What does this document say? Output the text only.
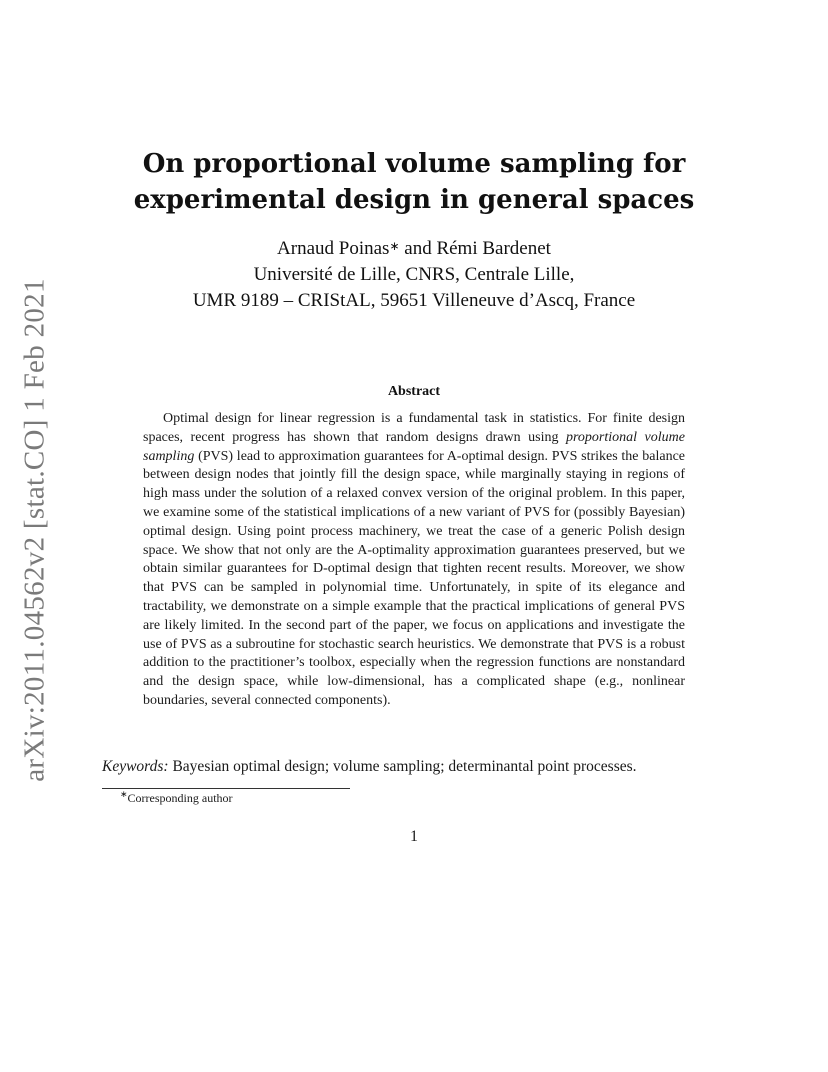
arXiv:2011.04562v2 [stat.CO] 1 Feb 2021
On proportional volume sampling for
experimental design in general spaces
Arnaud Poinas∗ and Rémi Bardenet
Université de Lille, CNRS, Centrale Lille,
UMR 9189 – CRIStAL, 59651 Villeneuve d’Ascq, France
Abstract
Optimal design for linear regression is a fundamental task in statistics. For finite design spaces, recent progress has shown that random designs drawn using proportional volume sampling (PVS) lead to approximation guarantees for A-optimal design. PVS strikes the balance between design nodes that jointly fill the design space, while marginally staying in regions of high mass under the solution of a relaxed convex version of the original problem. In this paper, we examine some of the statistical implications of a new variant of PVS for (possibly Bayesian) optimal design. Using point process machinery, we treat the case of a generic Polish design space. We show that not only are the A-optimality approximation guarantees preserved, but we obtain similar guarantees for D-optimal design that tighten recent results. Moreover, we show that PVS can be sampled in polynomial time. Unfortunately, in spite of its elegance and tractability, we demonstrate on a simple example that the practical implications of general PVS are likely limited. In the second part of the paper, we focus on applications and investigate the use of PVS as a subroutine for stochastic search heuristics. We demonstrate that PVS is a robust addition to the practitioner’s toolbox, especially when the regression functions are nonstandard and the design space, while low-dimensional, has a complicated shape (e.g., nonlinear boundaries, several connected components).
Keywords: Bayesian optimal design; volume sampling; determinantal point processes.
∗Corresponding author
1
